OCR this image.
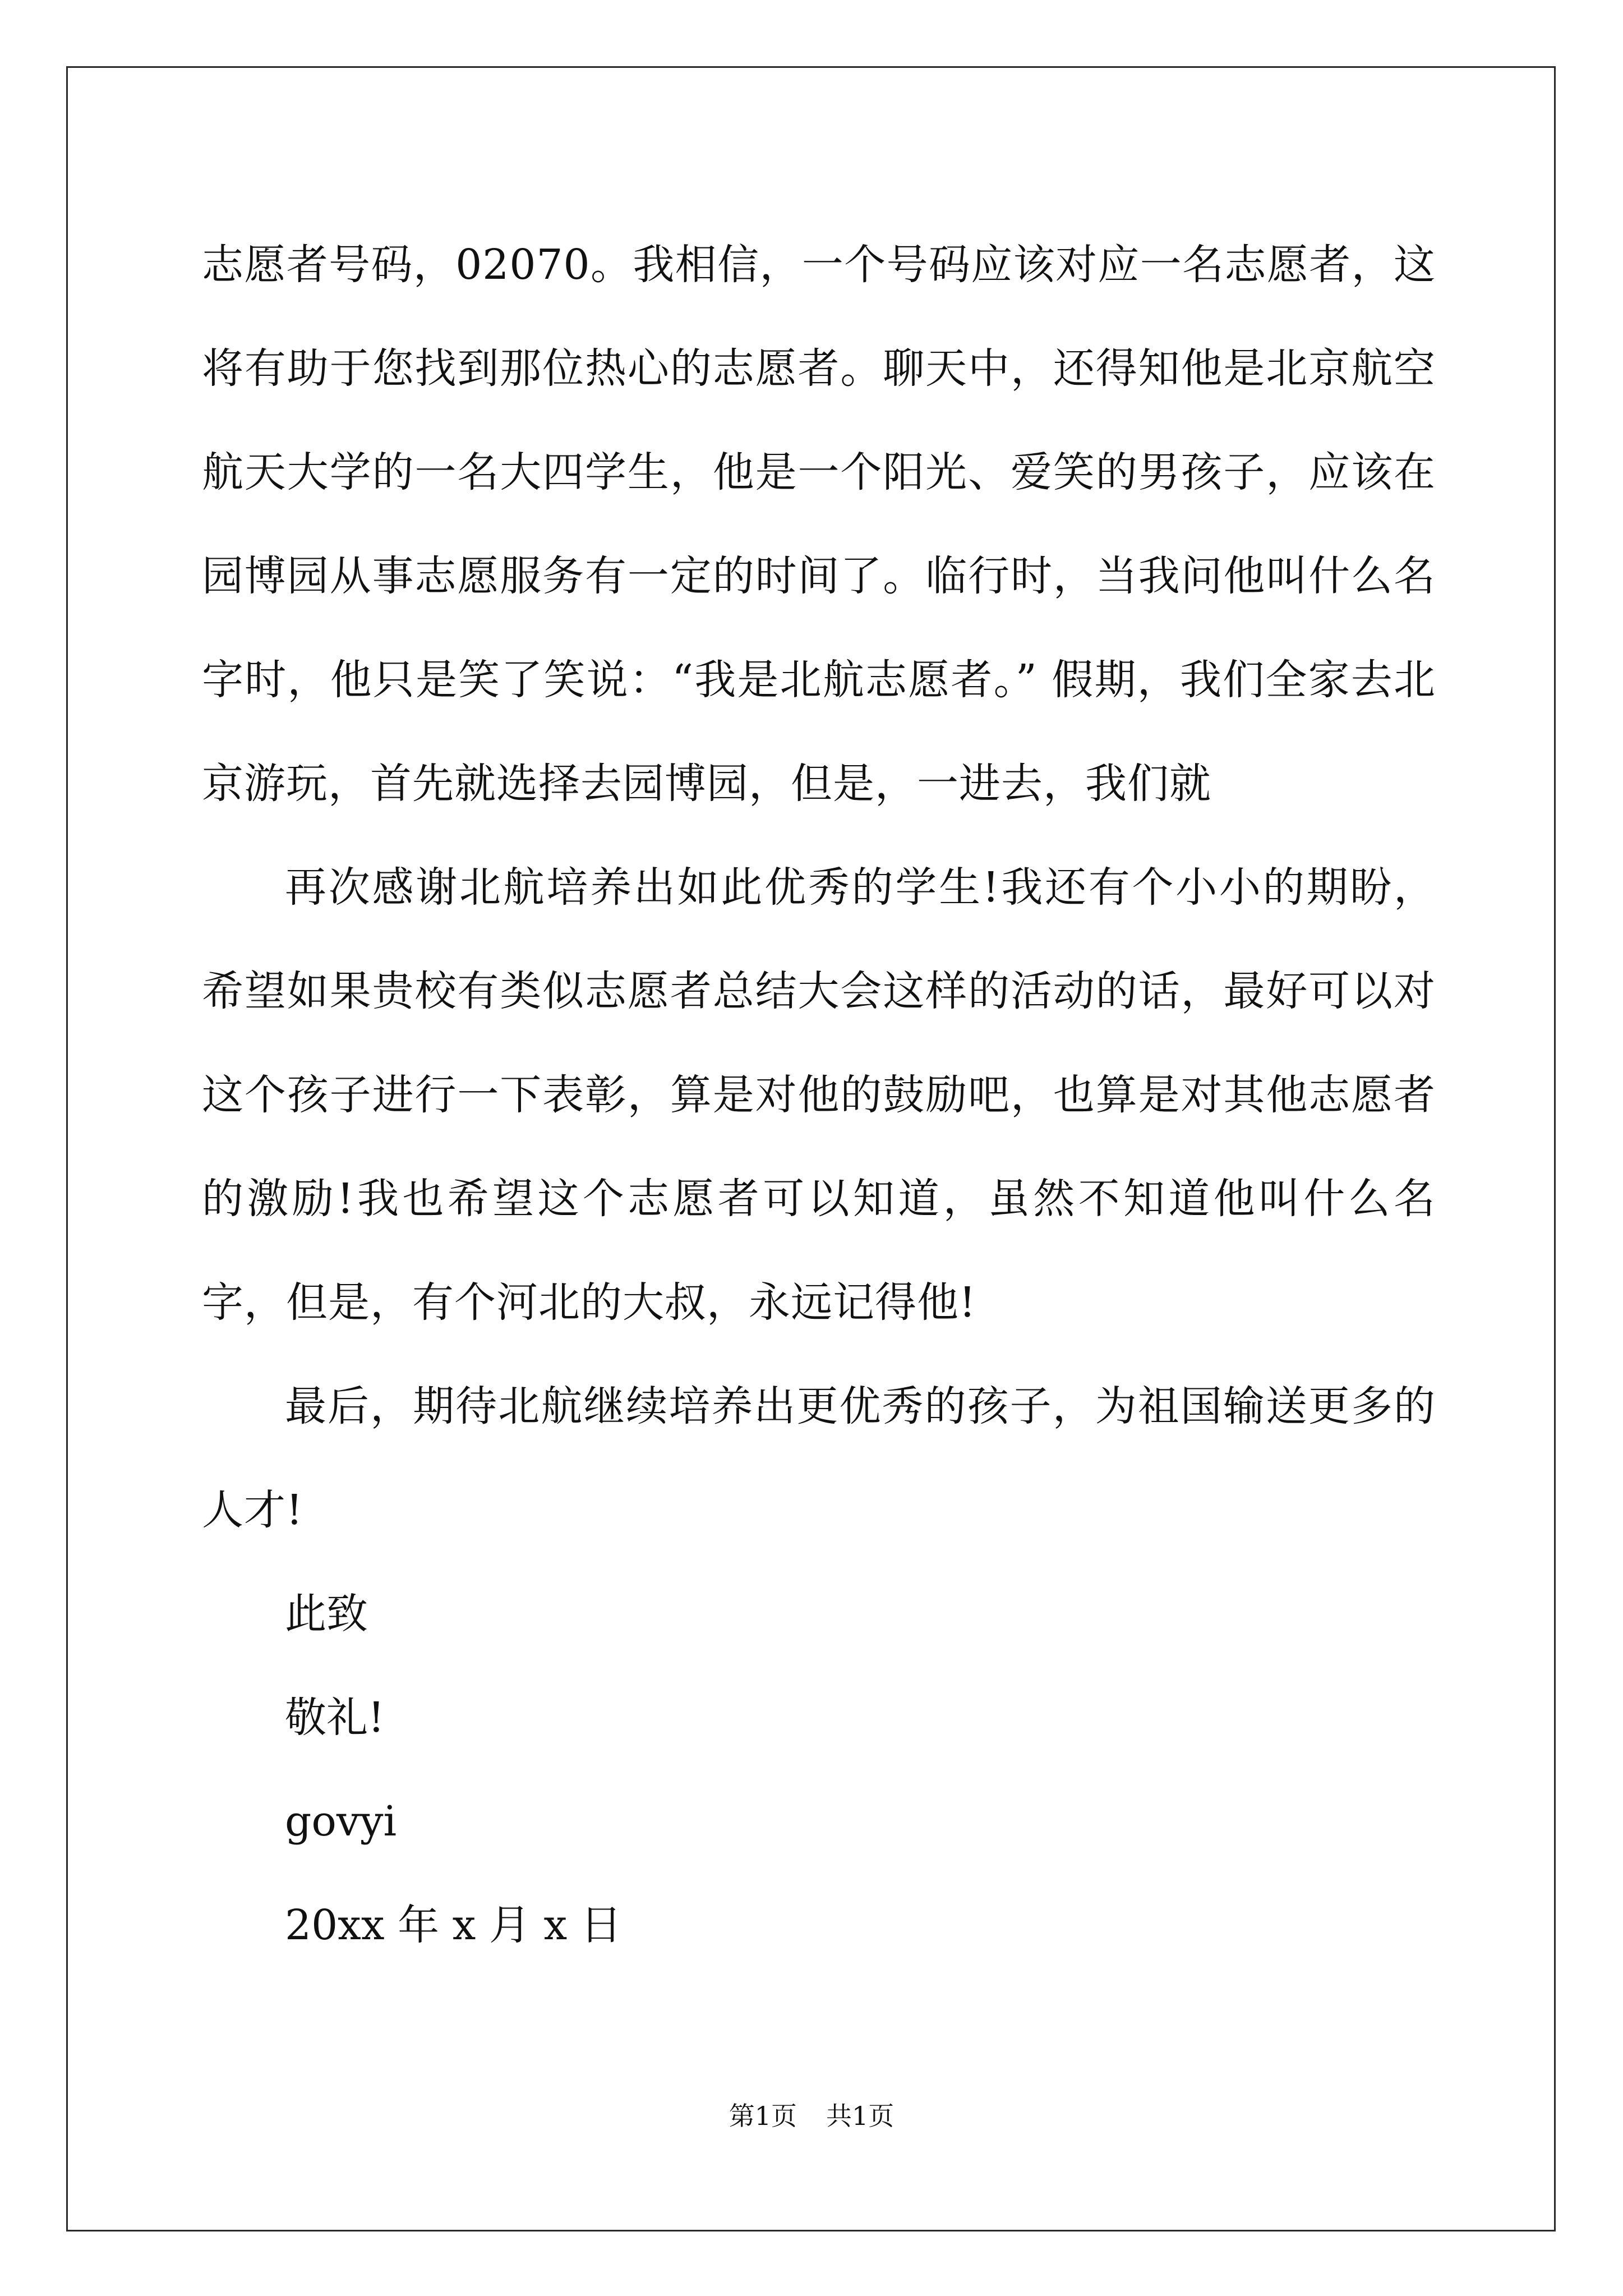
志愿者号码，02070。我相信，一个号码应该对应一名志愿者，这将有助于您找到那位热心的志愿者。聊天中，还得知他是北京航空航天大学的一名大四学生，他是一个阳光、爱笑的男孩子，应该在园博园从事志愿服务有一定的时间了。临行时，当我问他叫什么名字时，他只是笑了笑说：“我是北航志愿者。” 假期，我们全家去北京游玩，首先就选择去园博园，但是，一进去，我们就

再次感谢北航培养出如此优秀的学生!我还有个小小的期盼，希望如果贵校有类似志愿者总结大会这样的活动的话，最好可以对这个孩子进行一下表彰，算是对他的鼓励吧，也算是对其他志愿者的激励!我也希望这个志愿者可以知道，虽然不知道他叫什么名字，但是，有个河北的大叔，永远记得他!

最后，期待北航继续培养出更优秀的孩子，为祖国输送更多的人才!

此致

敬礼!

govyi

20xx 年 x 月 x 日

第1页 共1页
